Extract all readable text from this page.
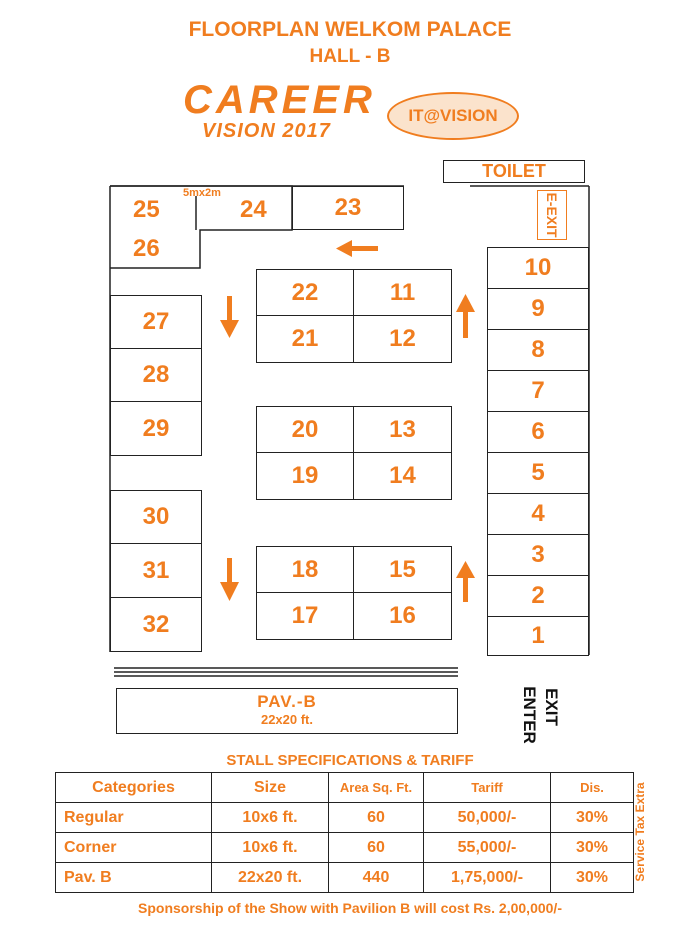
FLOORPLAN WELKOM PALACE
HALL - B
CAREER
VISION 2017
IT@VISION
TOILET
E-EXIT
25	24
5mx2m
26
23
27
28
29
30
31
32
22	11
21	12
20	13
19	14
18	15
17	16
10
9
8
7
6
5
4
3
2
1
PAV.-B
22x20 ft.	ENTER EXIT
STALL SPECIFICATIONS & TARIFF
Categories	Size	Area Sq. Ft.	Tariff	Dis.
Regular	10x6 ft.	60	50,000/-	30%
Corner	10x6 ft.	60	55,000/-	30%
Pav. B	22x20 ft.	440	1,75,000/-	30% Service Tax Extra
Sponsorship of the Show with Pavilion B will cost Rs. 2,00,000/-
